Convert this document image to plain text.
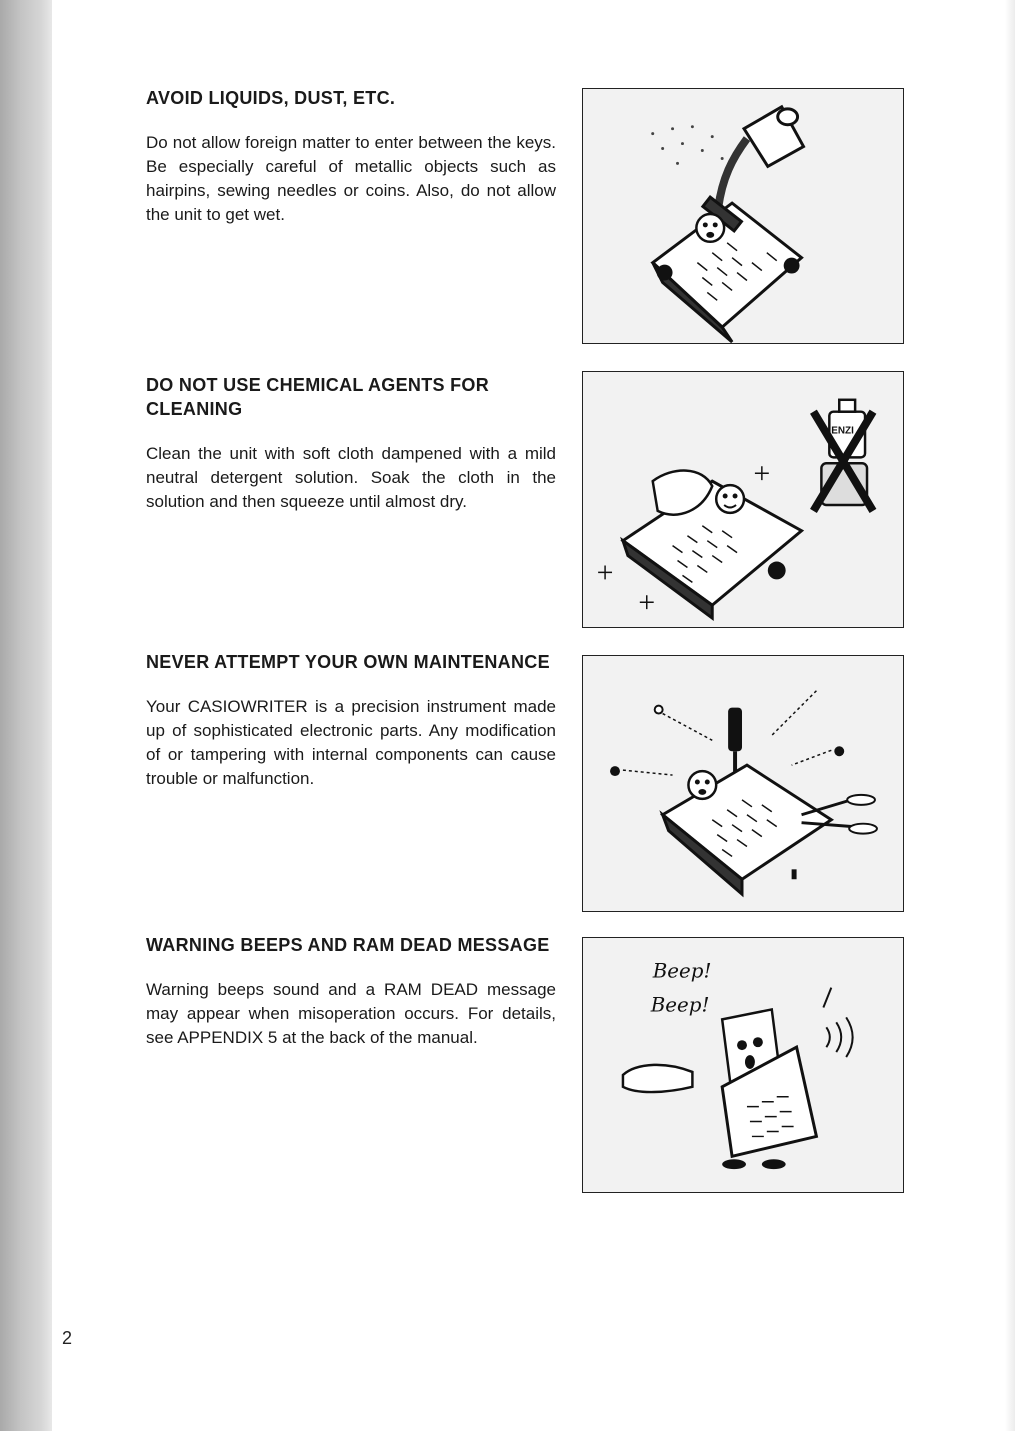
AVOID LIQUIDS, DUST, ETC.

Do not allow foreign matter to enter between the keys. Be especially careful of metallic objects such as hairpins, sewing needles or coins. Also, do not allow the unit to get wet.

DO NOT USE CHEMICAL AGENTS FOR CLEANING

Clean the unit with soft cloth dampened with a mild neutral detergent solution. Soak the cloth in the solution and then squeeze until almost dry.

NEVER ATTEMPT YOUR OWN MAINTENANCE

Your CASIOWRITER is a precision instrument made up of sophisticated electronic parts. Any modification of or tampering with internal components can cause trouble or malfunction.

WARNING BEEPS AND RAM DEAD MESSAGE

Warning beeps sound and a RAM DEAD message may appear when misoperation occurs. For details, see APPENDIX 5 at the back of the manual.

ENZI
Beep!
Beep!
2
